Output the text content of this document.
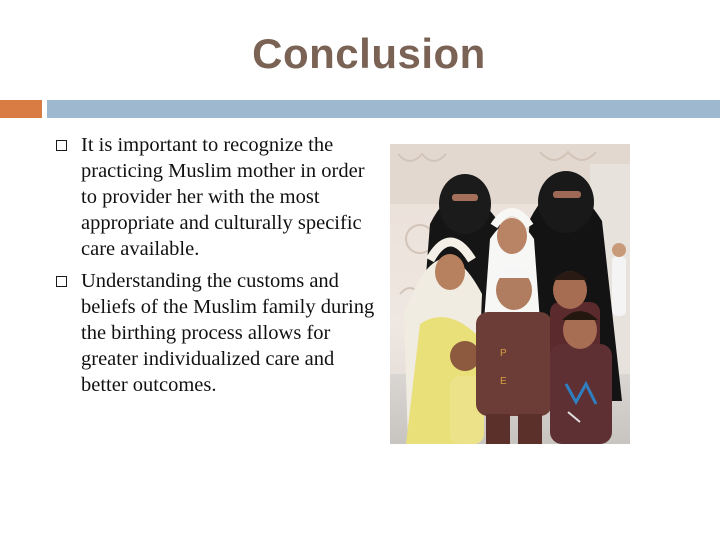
Conclusion
It is important to recognize the practicing Muslim mother in order to provider her with the most appropriate and culturally specific care available.
Understanding the customs and beliefs of the Muslim family during the birthing process allows for greater individualized care and better outcomes.
P
E
